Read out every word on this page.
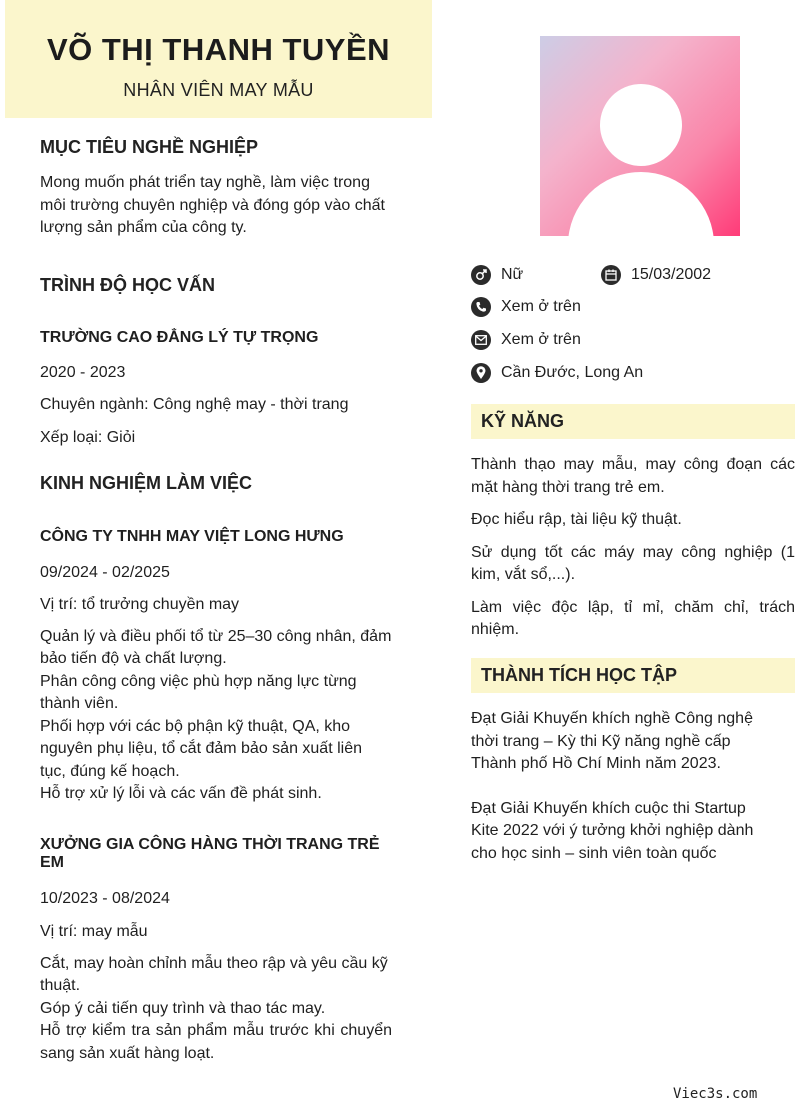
VÕ THỊ THANH TUYỀN
NHÂN VIÊN MAY MẪU
MỤC TIÊU NGHỀ NGHIỆP

Mong muốn phát triển tay nghề, làm việc trong môi trường chuyên nghiệp và đóng góp vào chất lượng sản phẩm của công ty.

TRÌNH ĐỘ HỌC VẤN

TRƯỜNG CAO ĐẲNG LÝ TỰ TRỌNG

2020 - 2023

Chuyên ngành: Công nghệ may - thời trang

Xếp loại: Giỏi

KINH NGHIỆM LÀM VIỆC

CÔNG TY TNHH MAY VIỆT LONG HƯNG

09/2024 - 02/2025

Vị trí: tổ trưởng chuyền may

Quản lý và điều phối tổ từ 25–30 công nhân, đảm bảo tiến độ và chất lượng.

Phân công công việc phù hợp năng lực từng thành viên.

Phối hợp với các bộ phận kỹ thuật, QA, kho nguyên phụ liệu, tổ cắt đảm bảo sản xuất liên tục, đúng kế hoạch.

Hỗ trợ xử lý lỗi và các vấn đề phát sinh.

XƯỞNG GIA CÔNG HÀNG THỜI TRANG TRẺ EM

10/2023 - 08/2024

Vị trí: may mẫu

Cắt, may hoàn chỉnh mẫu theo rập và yêu cầu kỹ thuật.

Góp ý cải tiến quy trình và thao tác may.

Hỗ trợ kiểm tra sản phẩm mẫu trước khi chuyển sang sản xuất hàng loạt.

Nữ	15/03/2002
Xem ở trên
Xem ở trên
Cần Đước, Long An
KỸ NĂNG

Thành thạo may mẫu, may công đoạn các mặt hàng thời trang trẻ em.

Đọc hiểu rập, tài liệu kỹ thuật.

Sử dụng tốt các máy may công nghiệp (1 kim, vắt sổ,...).

Làm việc độc lập, tỉ mỉ, chăm chỉ, trách nhiệm.

THÀNH TÍCH HỌC TẬP

Đạt Giải Khuyến khích nghề Công nghệ thời trang – Kỳ thi Kỹ năng nghề cấp Thành phố Hồ Chí Minh năm 2023.

Đạt Giải Khuyến khích cuộc thi Startup Kite 2022 với ý tưởng khởi nghiệp dành cho học sinh – sinh viên toàn quốc

Viec3s.com
